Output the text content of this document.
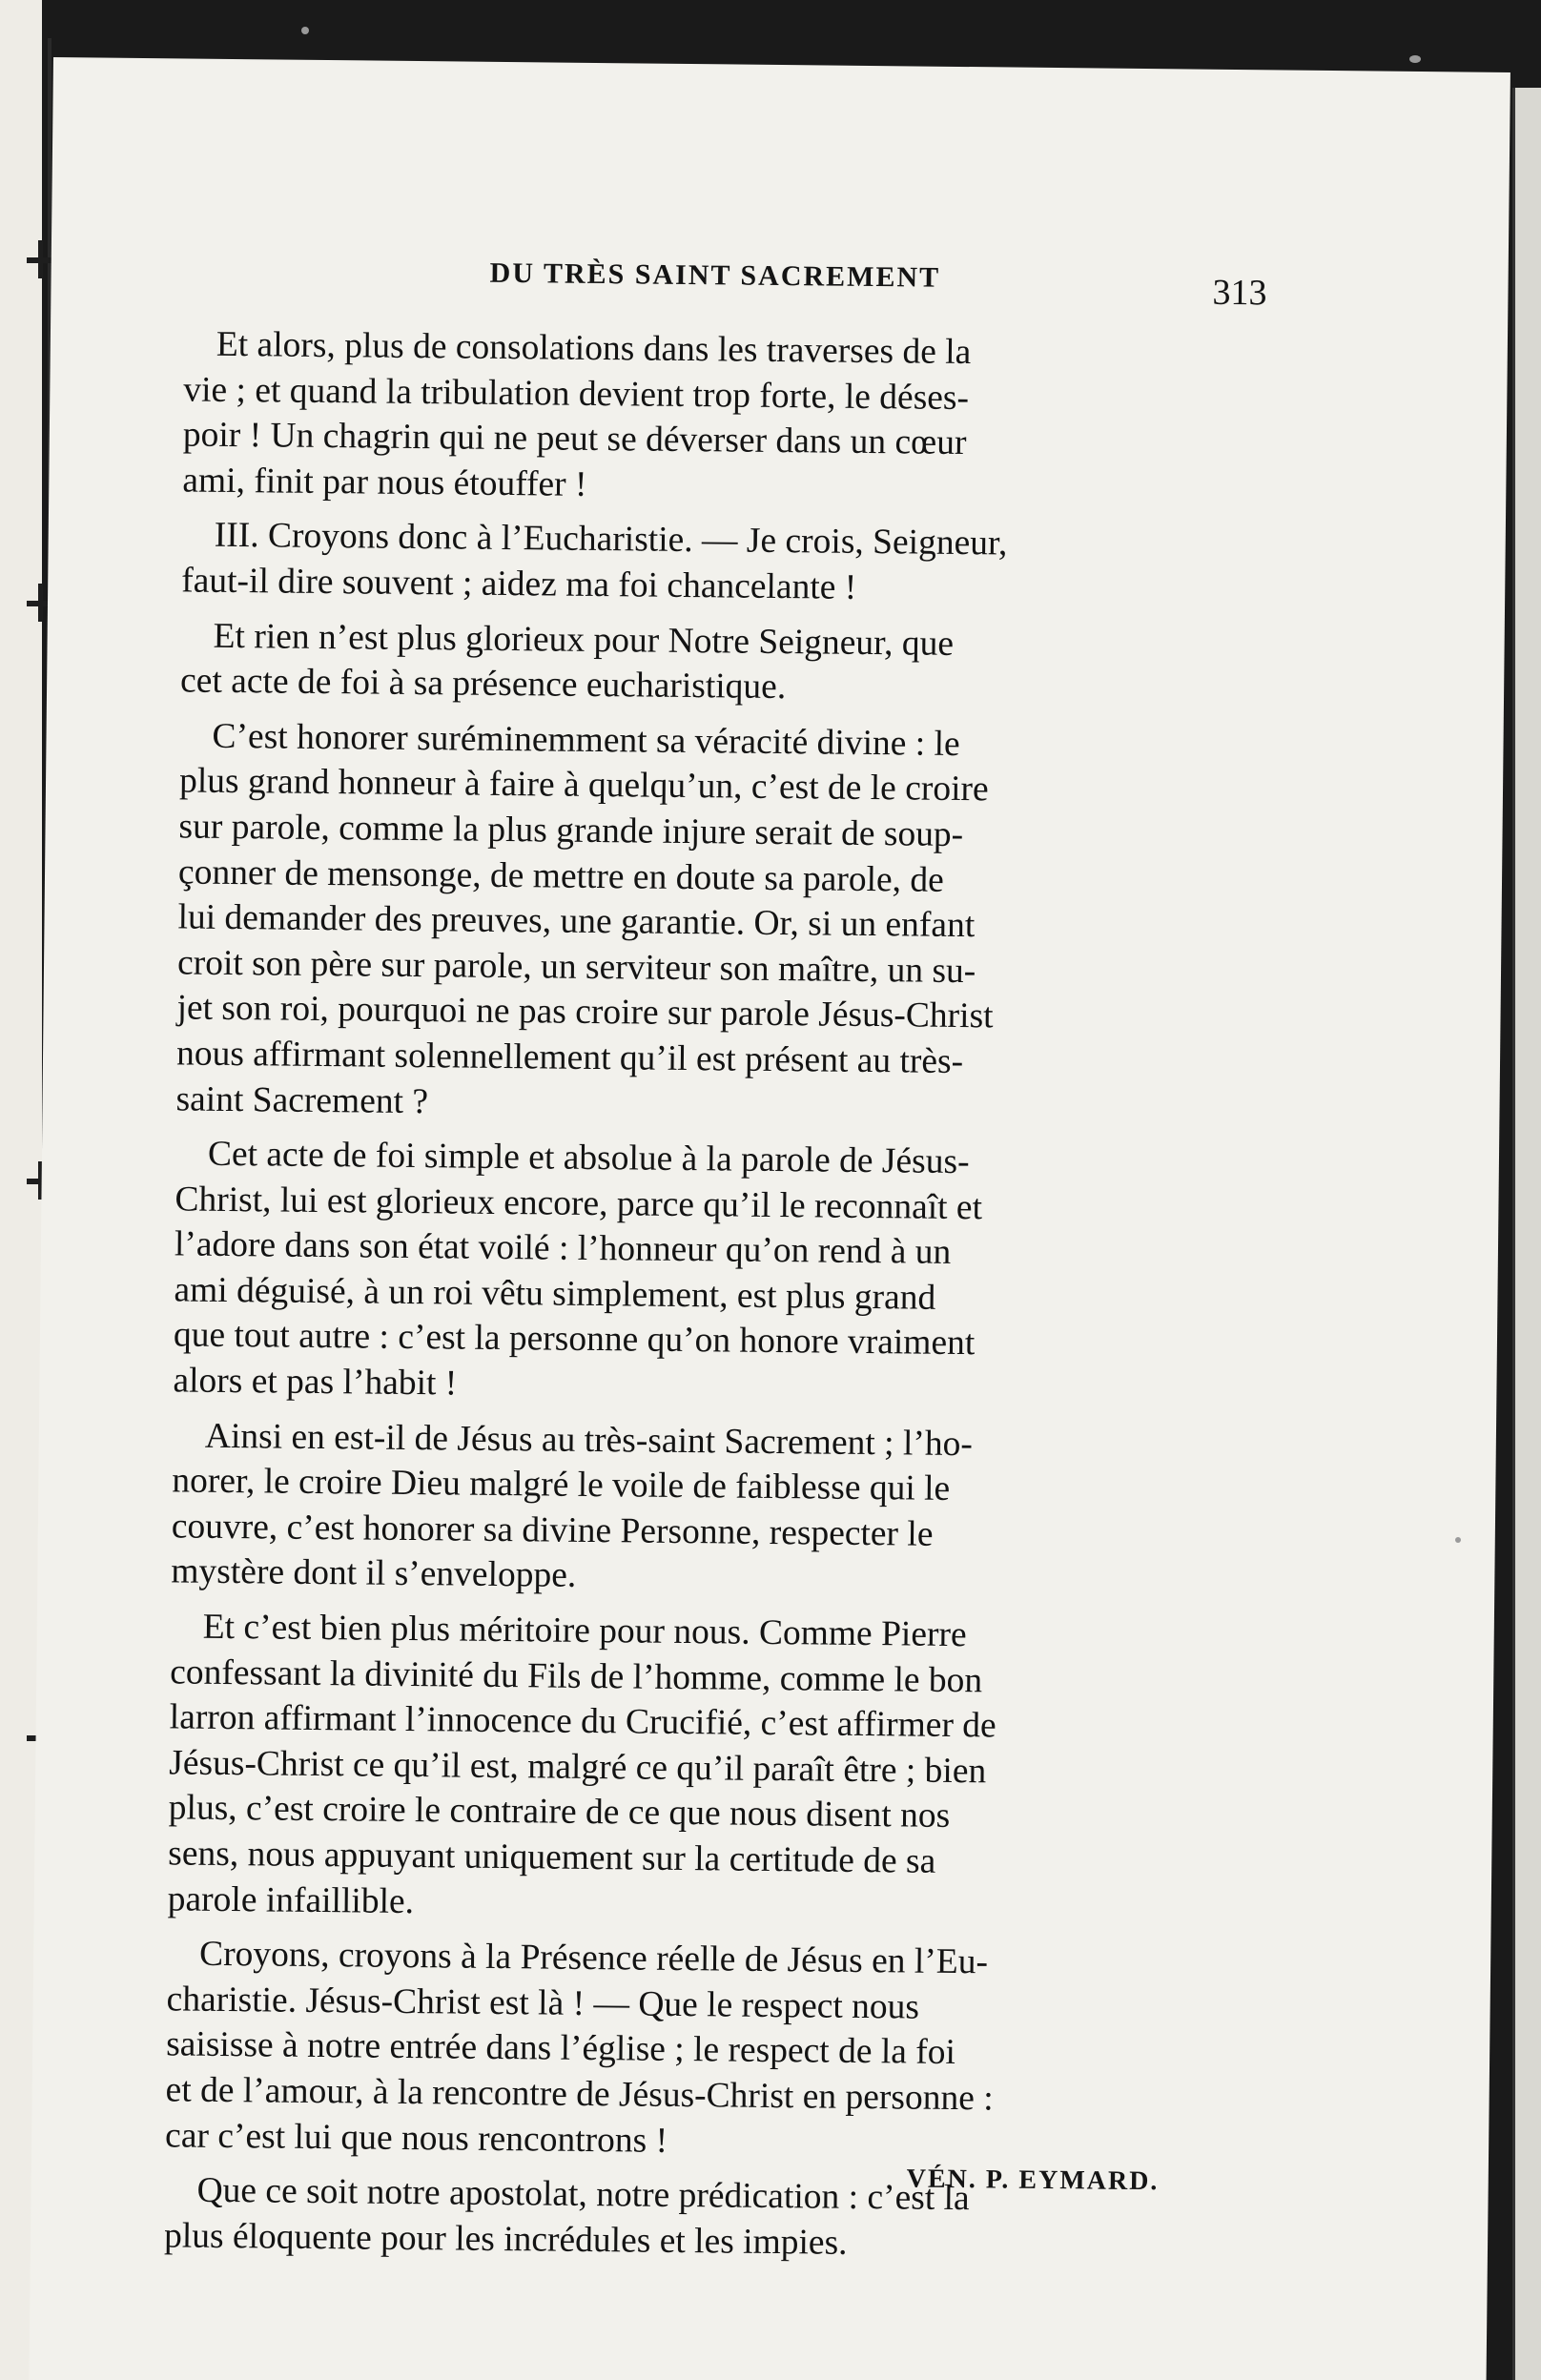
DU TRÈS SAINT SACREMENT	313

Et alors, plus de consolations dans les traverses de la
vie ; et quand la tribulation devient trop forte, le déses-
poir ! Un chagrin qui ne peut se déverser dans un cœur
ami, finit par nous étouffer !

III. Croyons donc à l’Eucharistie. — Je crois, Seigneur,
faut-il dire souvent ; aidez ma foi chancelante !

Et rien n’est plus glorieux pour Notre Seigneur, que
cet acte de foi à sa présence eucharistique.

C’est honorer suréminemment sa véracité divine : le
plus grand honneur à faire à quelqu’un, c’est de le croire
sur parole, comme la plus grande injure serait de soup-
çonner de mensonge, de mettre en doute sa parole, de
lui demander des preuves, une garantie. Or, si un enfant
croit son père sur parole, un serviteur son maître, un su-
jet son roi, pourquoi ne pas croire sur parole Jésus-Christ
nous affirmant solennellement qu’il est présent au très-
saint Sacrement ?

Cet acte de foi simple et absolue à la parole de Jésus-
Christ, lui est glorieux encore, parce qu’il le reconnaît et
l’adore dans son état voilé : l’honneur qu’on rend à un
ami déguisé, à un roi vêtu simplement, est plus grand
que tout autre : c’est la personne qu’on honore vraiment
alors et pas l’habit !

Ainsi en est-il de Jésus au très-saint Sacrement ; l’ho-
norer, le croire Dieu malgré le voile de faiblesse qui le
couvre, c’est honorer sa divine Personne, respecter le
mystère dont il s’enveloppe.

Et c’est bien plus méritoire pour nous. Comme Pierre
confessant la divinité du Fils de l’homme, comme le bon
larron affirmant l’innocence du Crucifié, c’est affirmer de
Jésus-Christ ce qu’il est, malgré ce qu’il paraît être ; bien
plus, c’est croire le contraire de ce que nous disent nos
sens, nous appuyant uniquement sur la certitude de sa
parole infaillible.

Croyons, croyons à la Présence réelle de Jésus en l’Eu-
charistie. Jésus-Christ est là ! — Que le respect nous
saisisse à notre entrée dans l’église ; le respect de la foi
et de l’amour, à la rencontre de Jésus-Christ en personne :
car c’est lui que nous rencontrons !

Que ce soit notre apostolat, notre prédication : c’est la
plus éloquente pour les incrédules et les impies.

VÉN. P. EYMARD.
